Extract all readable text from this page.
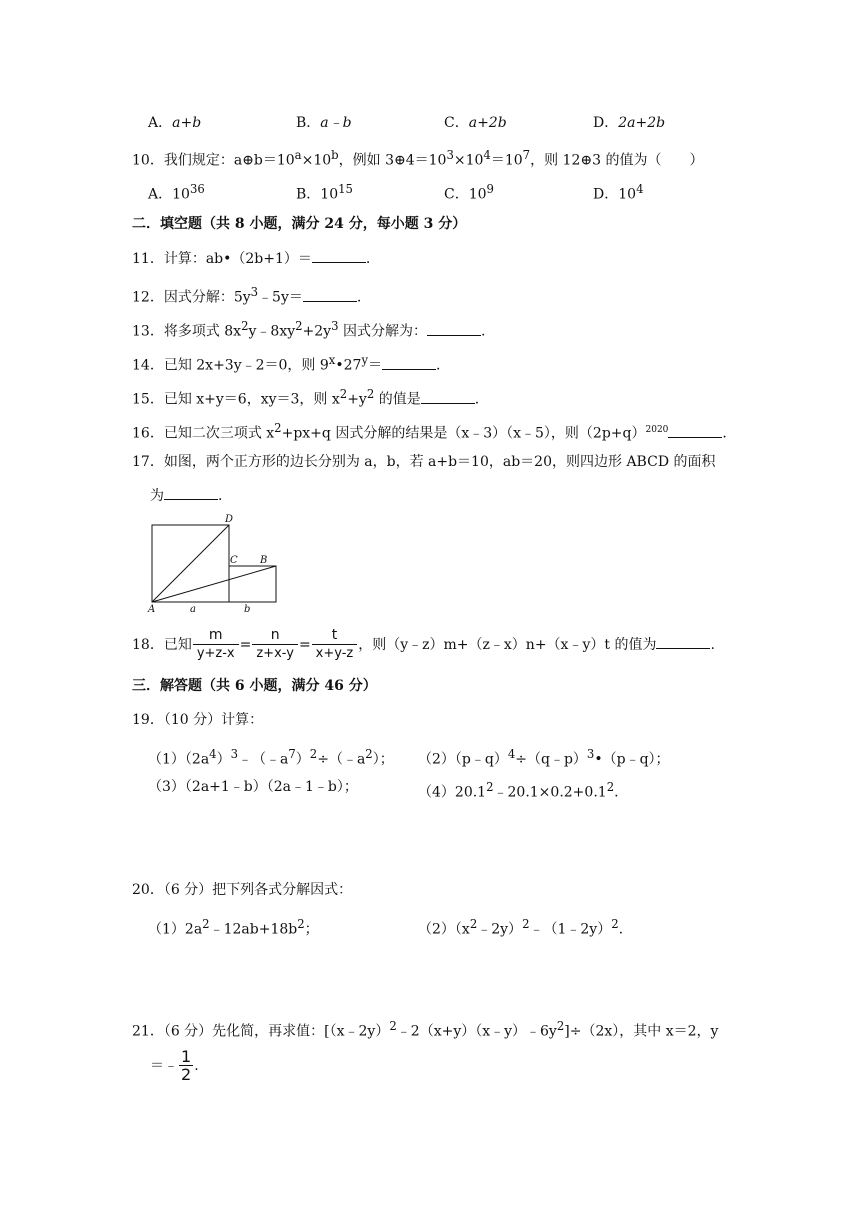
A．a+b	B．a﹣b	C．a+2b	D．2a+2b
10．我们规定：$a\oplus b=10^a\times 10^b$，例如 $3\oplus 4=10^3\times 10^4=10^7$，则 12⊕3 的值为（　　）
A．$10^{36}$	B．$10^{15}$	C．$10^9$	D．$10^4$
二．填空题（共 8 小题，满分 24 分，每小题 3 分）
11．计算：ab•（2b+1）＝	.
12．因式分解：$5y^3﹣5y=$	.
13．将多项式 $8x^2y﹣8xy^2+2y^3$ 因式分解为：	.
14．已知 2x+3y﹣2＝0，则 $9^x•27^y=$	.
15．已知 x+y＝6，xy＝3，则 $x^2+y^2$ 的值是	.
16．已知二次三项式 $x^2+px+q$ 因式分解的结果是（x﹣3）（x﹣5），则$(2p+q)^{2020}$	.
17．如图，两个正方形的边长分别为 a，b，若 a+b＝10，ab＝20，则四边形 ABCD 的面积
为	.
D
C B
A	a	b
18．已知 $\frac{m}{y+z-x} = \frac{n}{z+x-y} = \frac{t}{x+y-z}$ ，则（y﹣z）m+（z﹣x）n+（x﹣y）t 的值为	.
三．解答题（共 6 小题，满分 46 分）
19．（10 分）计算：
$(1)(2a^4)^3﹣(﹣a^7)^2\div(﹣a^2)$； （2）（p﹣q）$^4$÷（q﹣p）$^3$•（p﹣q）；
（3）（2a+1﹣b）（2a﹣1﹣b）；	$(4)20.1^2﹣20.1\times 0.2+0.1^2$.
20．（6 分）把下列各式分解因式：
$(1)2a^2﹣12ab+18b^2$；	$(2)(x^2﹣2y)^2﹣(1﹣2y)^2$.
21．（6 分）先化简，再求值：$[(x﹣2y)^2﹣2(x+y)(x﹣y)﹣6y^2]\div(2x)$，其中 x＝2，y
＝﹣ $\frac{1}{2}$ .
